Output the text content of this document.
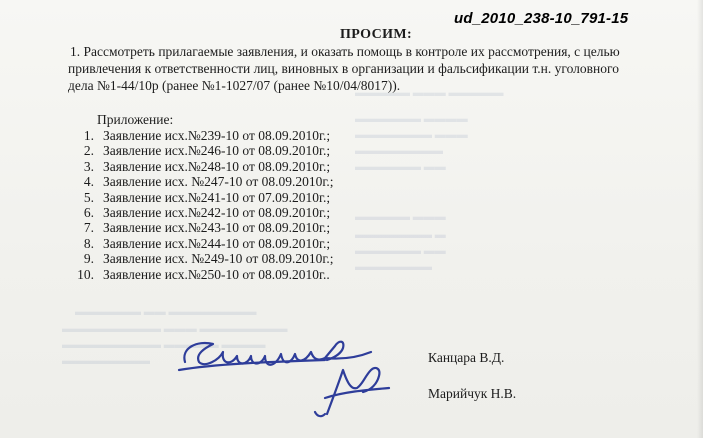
▬▬▬▬▬ ▬▬▬ ▬▬▬▬▬
▬▬▬▬▬▬ ▬▬▬▬
▬▬▬▬▬▬▬ ▬▬▬
▬▬▬▬▬▬▬▬
▬▬▬▬▬▬ ▬▬
▬▬▬▬▬ ▬▬▬
▬▬▬▬▬▬▬ ▬
▬▬▬▬▬▬ ▬▬
▬▬▬▬▬▬▬
▬▬▬▬▬▬ ▬▬ ▬▬▬▬▬▬▬▬
▬▬▬▬▬▬▬▬▬ ▬▬▬ ▬▬▬▬▬▬▬▬
▬▬▬▬▬▬▬▬▬ ▬▬▬▬▬ ▬▬▬▬
▬▬▬▬▬▬▬▬
ud_2010_238-10_791-15
ПРОСИМ:
1. Рассмотреть прилагаемые заявления, и оказать помощь в контроле их рассмотрения, с целью
привлечения к ответственности лиц, виновных в организации и фальсификации т.н. уголовного
дела №1-44/10р (ранее №1-1027/07 (ранее №10/04/8017)).
Приложение:
1. Заявление исх.№239-10 от 08.09.2010г.;
2. Заявление исх.№246-10 от 08.09.2010г.;
3. Заявление исх.№248-10 от 08.09.2010г.;
4. Заявление исх. №247-10 от 08.09.2010г.;
5. Заявление исх.№241-10 от 07.09.2010г.;
6. Заявление исх.№242-10 от 08.09.2010г.;
7. Заявление исх.№243-10 от 08.09.2010г.;
8. Заявление исх.№244-10 от 08.09.2010г.;
9. Заявление исх. №249-10 от 08.09.2010г.;
10. Заявление исх.№250-10 от 08.09.2010г..
Канцара В.Д.
Марийчук Н.В.
